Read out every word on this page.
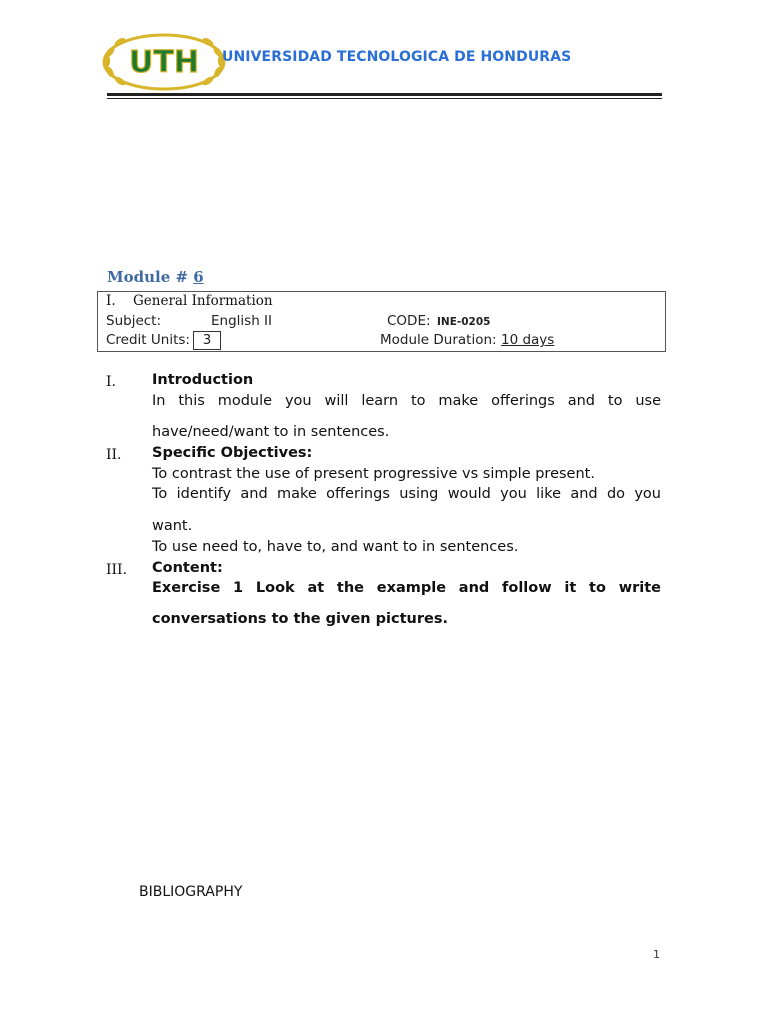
UTH UNIVERSIDAD TECNOLOGICA DE HONDURAS
Module # 6
I. General Information
Subject:	English II	CODE: INE-0205
Credit Units: 3	Module Duration: 10 days
I. Introduction
In this module you will learn to make offerings and to use
have/need/want to in sentences.
II. Specific Objectives:
To contrast the use of present progressive vs simple present.
To identify and make offerings using would you like and do you
want.
To use need to, have to, and want to in sentences.
III. Content:
Exercise 1 Look at the example and follow it to write
conversations to the given pictures.
BIBLIOGRAPHY
1
